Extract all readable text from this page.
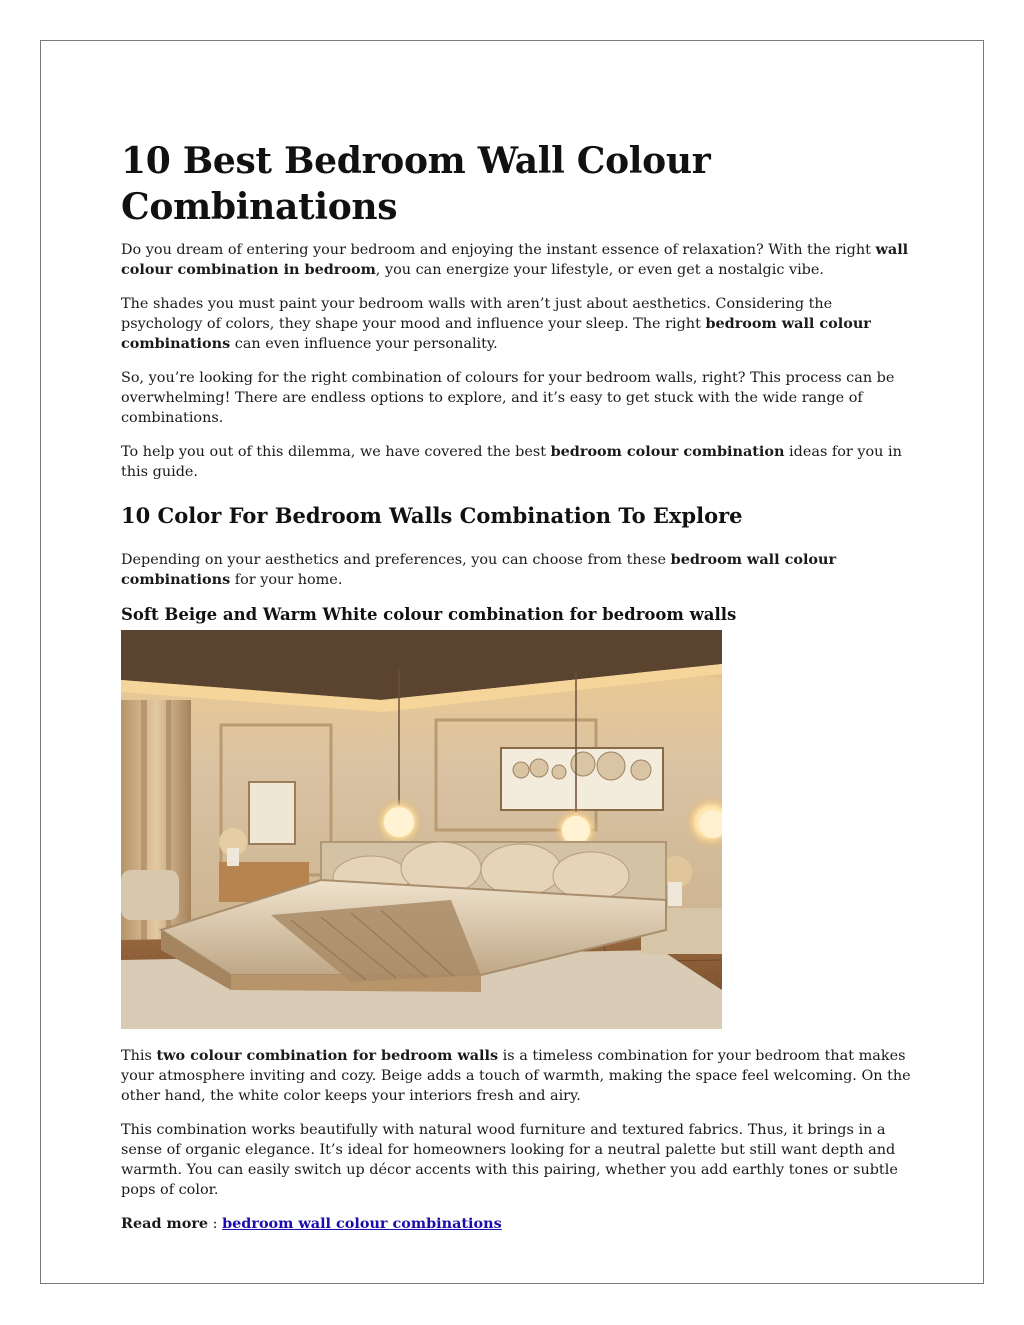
10 Best Bedroom Wall Colour Combinations

Do you dream of entering your bedroom and enjoying the instant essence of relaxation? With the right wall colour combination in bedroom, you can energize your lifestyle, or even get a nostalgic vibe.

The shades you must paint your bedroom walls with aren’t just about aesthetics. Considering the psychology of colors, they shape your mood and influence your sleep. The right bedroom wall colour combinations can even influence your personality.

So, you’re looking for the right combination of colours for your bedroom walls, right? This process can be overwhelming! There are endless options to explore, and it’s easy to get stuck with the wide range of combinations.

To help you out of this dilemma, we have covered the best bedroom colour combination ideas for you in this guide.

10 Color For Bedroom Walls Combination To Explore

Depending on your aesthetics and preferences, you can choose from these bedroom wall colour combinations for your home.

Soft Beige and Warm White colour combination for bedroom walls

This two colour combination for bedroom walls is a timeless combination for your bedroom that makes your atmosphere inviting and cozy. Beige adds a touch of warmth, making the space feel welcoming. On the other hand, the white color keeps your interiors fresh and airy.

This combination works beautifully with natural wood furniture and textured fabrics. Thus, it brings in a sense of organic elegance. It’s ideal for homeowners looking for a neutral palette but still want depth and warmth. You can easily switch up décor accents with this pairing, whether you add earthly tones or subtle pops of color.

Read more : bedroom wall colour combinations
